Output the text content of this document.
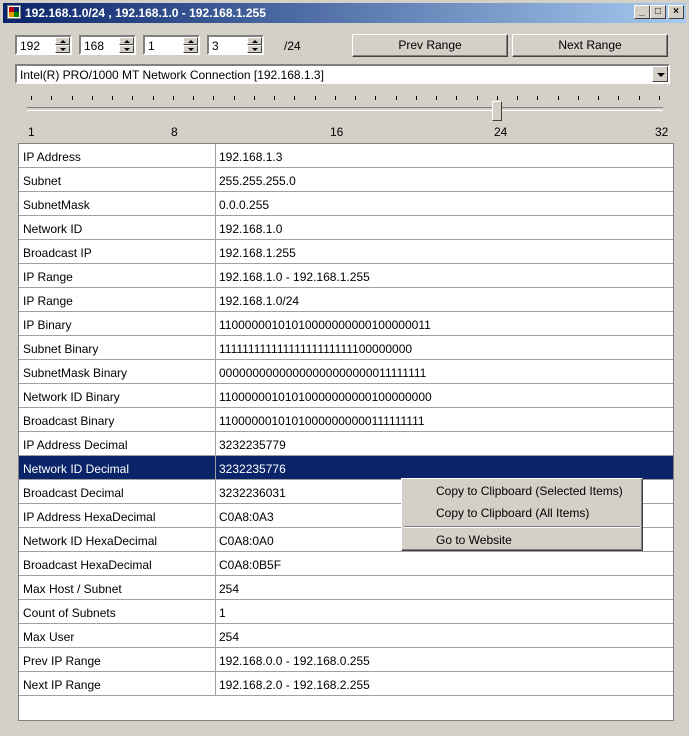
192.168.1.0/24 , 192.168.1.0 - 192.168.1.255	_	□	×
192	168	1	3	/24	Prev Range	Next Range
Intel(R) PRO/1000 MT Network Connection [192.168.1.3]
1	8	16	24	32
IP Address	192.168.1.3
Subnet	255.255.255.0
SubnetMask	0.0.0.255
Network ID	192.168.1.0
Broadcast IP	192.168.1.255
IP Range	192.168.1.0 - 192.168.1.255
IP Range	192.168.1.0/24
IP Binary	11000000101010000000000100000011
Subnet Binary	11111111111111111111111100000000
SubnetMask Binary	00000000000000000000000011111111
Network ID Binary	11000000101010000000000100000000
Broadcast Binary	11000000101010000000000111111111
IP Address Decimal	3232235779
Network ID Decimal	3232235776
Broadcast Decimal	3232236031
IP Address HexaDecimal	C0A8:0A3
Network ID HexaDecimal	C0A8:0A0
Broadcast HexaDecimal	C0A8:0B5F
Max Host / Subnet	254
Count of Subnets	1
Max User	254
Prev IP Range	192.168.0.0 - 192.168.0.255
Next IP Range	192.168.2.0 - 192.168.2.255
Copy to Clipboard (Selected Items)
Copy to Clipboard (All Items)
Go to Website
